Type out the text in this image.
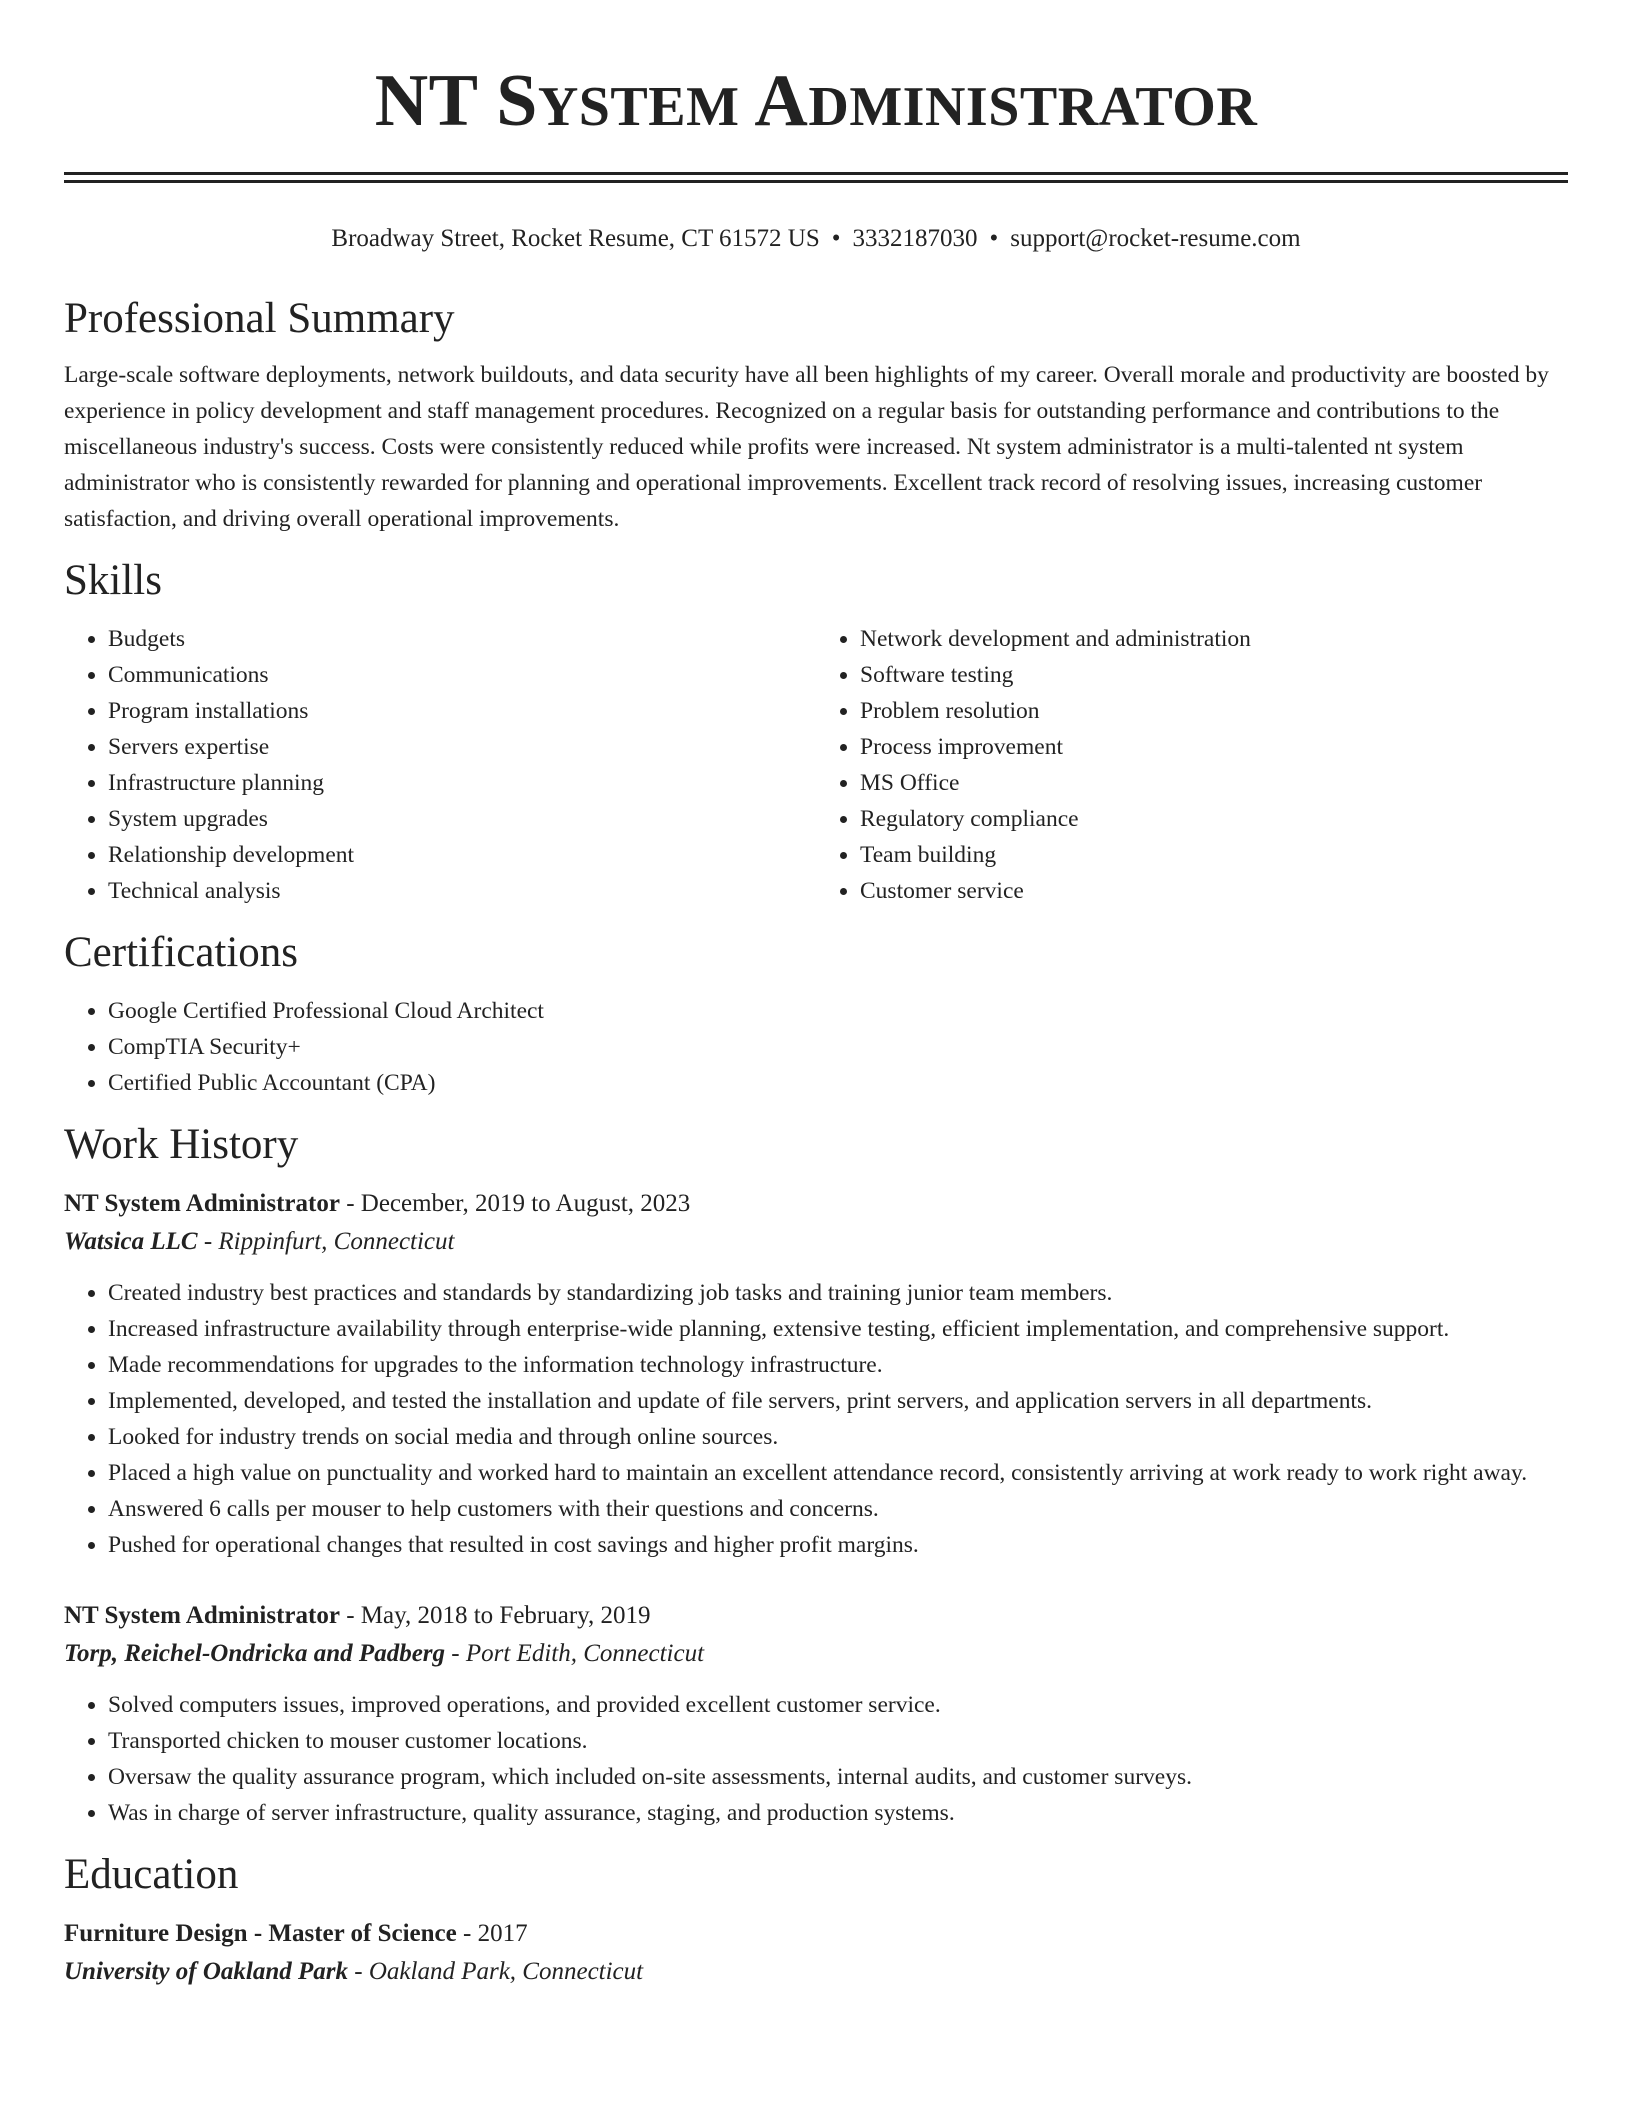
NT SYSTEM ADMINISTRATOR
Broadway Street, Rocket Resume, CT 61572 US • 3332187030 • support@rocket-resume.com
Professional Summary
Large-scale software deployments, network buildouts, and data security have all been highlights of my career. Overall morale and productivity are boosted by experience in policy development and staff management procedures. Recognized on a regular basis for outstanding performance and contributions to the miscellaneous industry's success. Costs were consistently reduced while profits were increased. Nt system administrator is a multi-talented nt system administrator who is consistently rewarded for planning and operational improvements. Excellent track record of resolving issues, increasing customer satisfaction, and driving overall operational improvements.
Skills
• Budgets
• Communications
• Program installations
• Servers expertise
• Infrastructure planning
• System upgrades
• Relationship development
• Technical analysis
• Network development and administration
• Software testing
• Problem resolution
• Process improvement
• MS Office
• Regulatory compliance
• Team building
• Customer service
Certifications
• Google Certified Professional Cloud Architect
• CompTIA Security+
• Certified Public Accountant (CPA)
Work History
NT System Administrator - December, 2019 to August, 2023
Watsica LLC - Rippinfurt, Connecticut
• Created industry best practices and standards by standardizing job tasks and training junior team members.
• Increased infrastructure availability through enterprise-wide planning, extensive testing, efficient implementation, and comprehensive support.
• Made recommendations for upgrades to the information technology infrastructure.
• Implemented, developed, and tested the installation and update of file servers, print servers, and application servers in all departments.
• Looked for industry trends on social media and through online sources.
• Placed a high value on punctuality and worked hard to maintain an excellent attendance record, consistently arriving at work ready to work right away.
• Answered 6 calls per mouser to help customers with their questions and concerns.
• Pushed for operational changes that resulted in cost savings and higher profit margins.
NT System Administrator - May, 2018 to February, 2019
Torp, Reichel-Ondricka and Padberg - Port Edith, Connecticut
• Solved computers issues, improved operations, and provided excellent customer service.
• Transported chicken to mouser customer locations.
• Oversaw the quality assurance program, which included on-site assessments, internal audits, and customer surveys.
• Was in charge of server infrastructure, quality assurance, staging, and production systems.
Education
Furniture Design - Master of Science - 2017
University of Oakland Park - Oakland Park, Connecticut
